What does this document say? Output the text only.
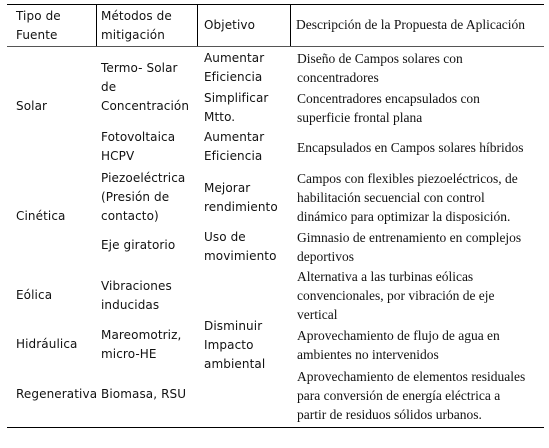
Tipo de
Fuente
Métodos de
mitigación
Objetivo	Descripción de la Propuesta de Aplicación
Solar
Cinética
Eólica
Hidráulica
Regenerativa
Termo- Solar
de
Concentración
Fotovoltaica
HCPV
Piezoeléctrica
(Presión de
contacto)
Eje giratorio
Vibraciones
inducidas
Mareomotriz,
micro-HE
Biomasa, RSU
Aumentar
Eficiencia
Simplificar
Mtto.
Aumentar
Eficiencia
Mejorar
rendimiento
Uso de
movimiento
Disminuir
Impacto
ambiental
Diseño de Campos solares con
concentradores
Concentradores encapsulados con
superficie frontal plana
Encapsulados en Campos solares híbridos
Campos con flexibles piezoeléctricos, de
habilitación secuencial con control
dinámico para optimizar la disposición.
Gimnasio de entrenamiento en complejos
deportivos
Alternativa a las turbinas eólicas
convencionales, por vibración de eje
vertical
Aprovechamiento de flujo de agua en
ambientes no intervenidos
Aprovechamiento de elementos residuales
para conversión de energía eléctrica a
partir de residuos sólidos urbanos.
